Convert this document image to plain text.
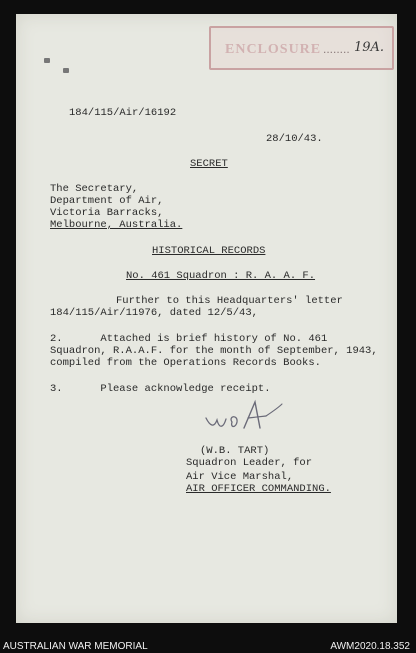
ENCLOSURE ........ 19A.

184/115/Air/16192

28/10/43.

SECRET

The Secretary,

Department of Air,

Victoria Barracks,

Melbourne, Australia.

HISTORICAL RECORDS

No. 461 Squadron : R. A. A. F.

Further to this Headquarters' letter

184/115/Air/11976, dated 12/5/43,

2.      Attached is brief history of No. 461

Squadron, R.A.A.F. for the month of September, 1943,

compiled from the Operations Records Books.

3.      Please acknowledge receipt.

(W.B. TART)

Squadron Leader, for

Air Vice Marshal,

AIR OFFICER COMMANDING.

AUSTRALIAN WAR MEMORIAL	AWM2020.18.352
